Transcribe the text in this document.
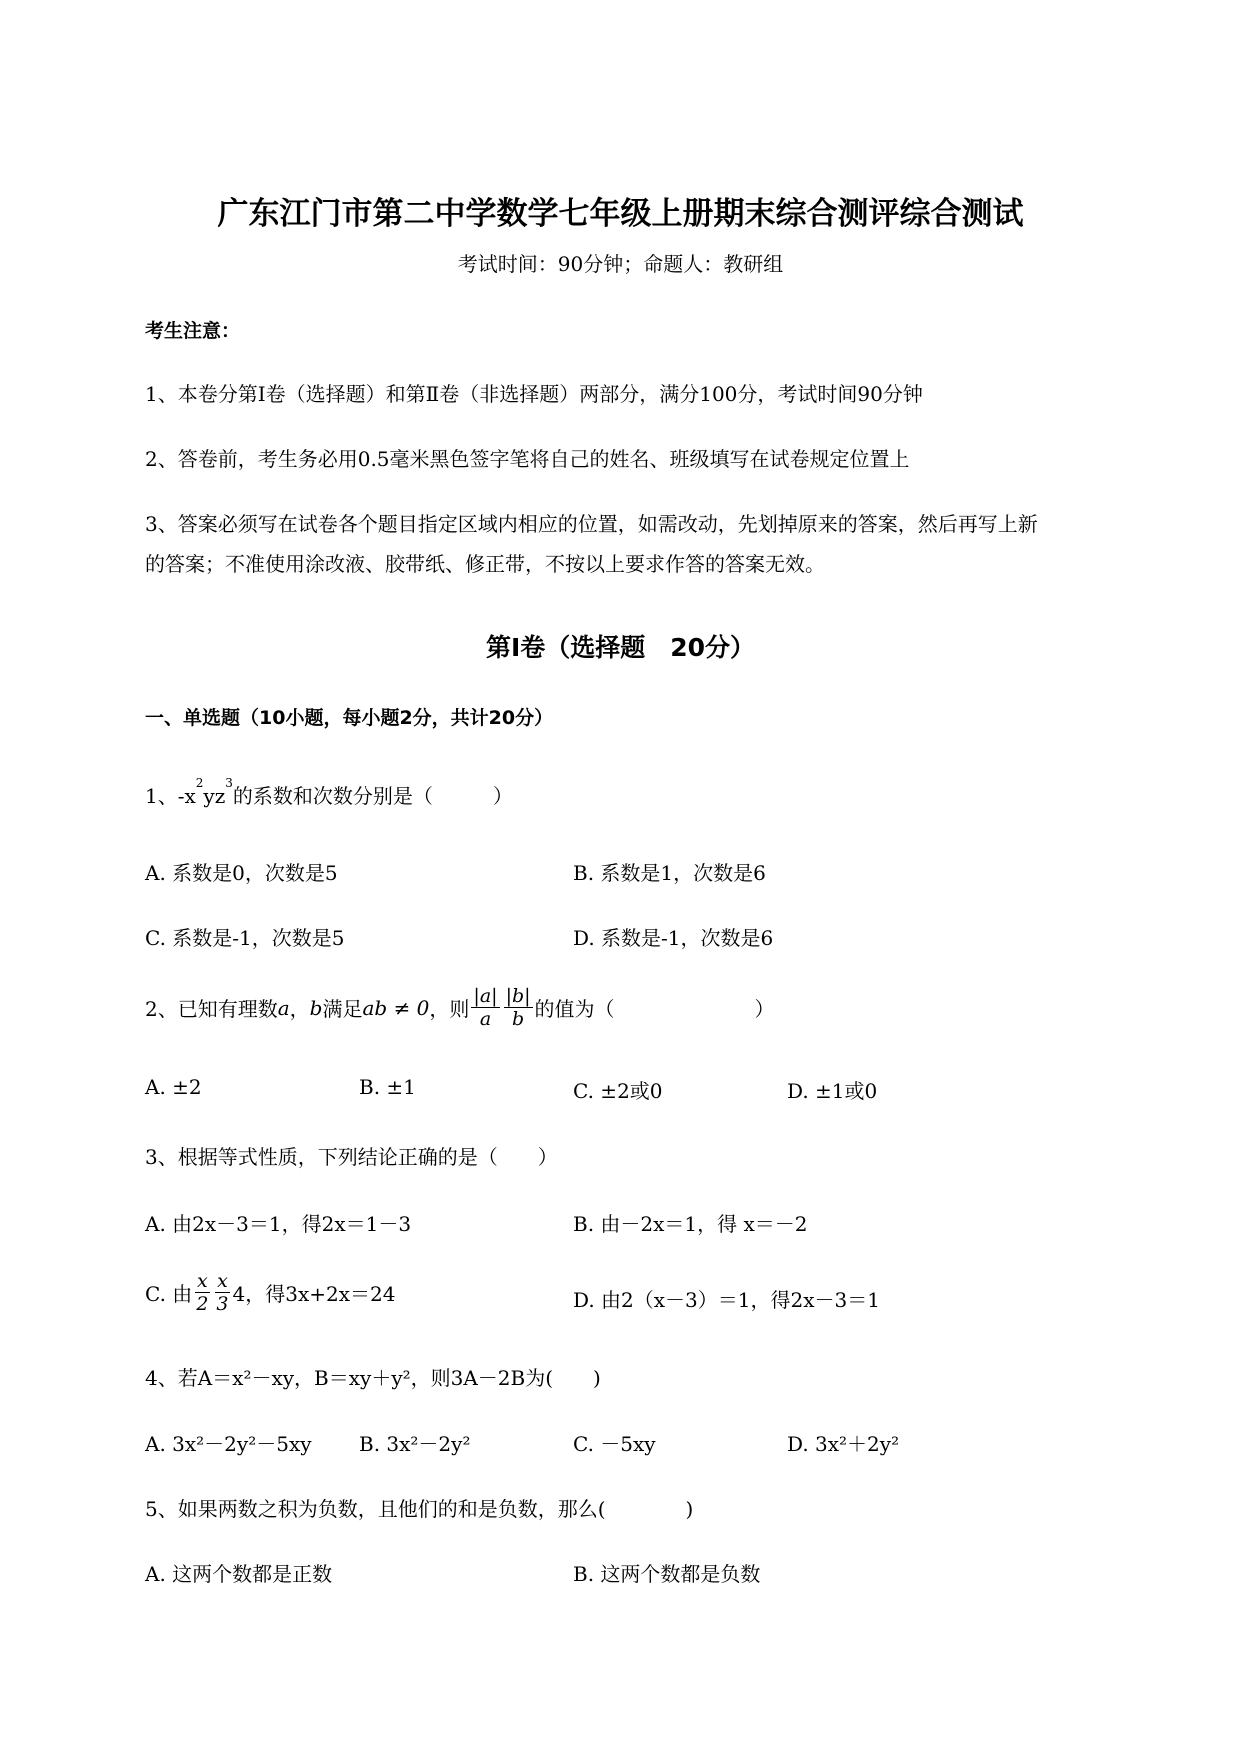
广东江门市第二中学数学七年级上册期末综合测评综合测试
考试时间：90分钟；命题人：教研组
考生注意：
1、本卷分第I卷（选择题）和第Ⅱ卷（非选择题）两部分，满分100分，考试时间90分钟
2、答卷前，考生务必用0.5毫米黑色签字笔将自己的姓名、班级填写在试卷规定位置上
3、答案必须写在试卷各个题目指定区域内相应的位置，如需改动，先划掉原来的答案，然后再写上新
的答案；不准使用涂改液、胶带纸、修正带，不按以上要求作答的答案无效。
第I卷（选择题　20分）
一、单选题（10小题，每小题2分，共计20分）
1、$-x^2yz^3$的系数和次数分别是（　　　）
A. 系数是0，次数是5	B. 系数是1，次数是6
C. 系数是-1，次数是5	D. 系数是-1，次数是6
2、已知有理数 a ， b 满足 ab ≠ 0 ，则 $\frac{|a|}{a} \frac{|b|}{b}$ 的值为（　　　　　　　）
A. ±2	B. ±1	C. ±2或0	D. ±1或0
3、根据等式性质，下列结论正确的是（　　）
A. 由2x－3＝1，得2x＝1－3	B. 由－2x＝1，得 x＝－2
C. 由 $\frac{x}{2} \frac{x}{3} 4$，得3x+2x＝24	D. 由2（x－3）＝1，得2x－3＝1
4、若A＝x²－xy，B＝xy＋y²，则3A－2B为(　　)
A. 3x²－2y²－5xy B. 3x²－2y²	C. －5xy	D. 3x²＋2y²
5、如果两数之积为负数，且他们的和是负数，那么(　　　　)
A. 这两个数都是正数	B. 这两个数都是负数
